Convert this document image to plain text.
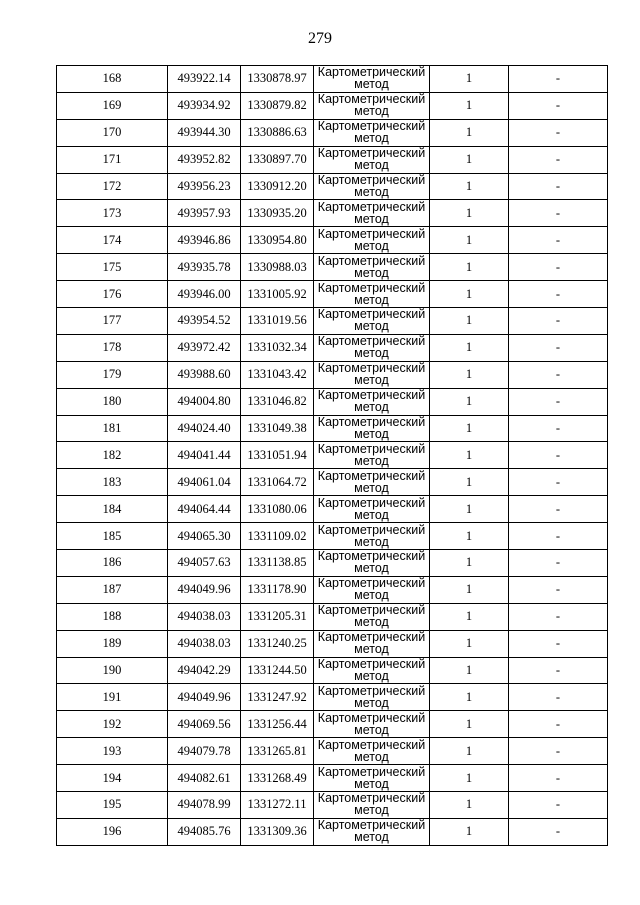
279
168	493922.14	1330878.97	Картометрический метод	1	-
169	493934.92	1330879.82	Картометрический метод	1	-
170	493944.30	1330886.63	Картометрический метод	1	-
171	493952.82	1330897.70	Картометрический метод	1	-
172	493956.23	1330912.20	Картометрический метод	1	-
173	493957.93	1330935.20	Картометрический метод	1	-
174	493946.86	1330954.80	Картометрический метод	1	-
175	493935.78	1330988.03	Картометрический метод	1	-
176	493946.00	1331005.92	Картометрический метод	1	-
177	493954.52	1331019.56	Картометрический метод	1	-
178	493972.42	1331032.34	Картометрический метод	1	-
179	493988.60	1331043.42	Картометрический метод	1	-
180	494004.80	1331046.82	Картометрический метод	1	-
181	494024.40	1331049.38	Картометрический метод	1	-
182	494041.44	1331051.94	Картометрический метод	1	-
183	494061.04	1331064.72	Картометрический метод	1	-
184	494064.44	1331080.06	Картометрический метод	1	-
185	494065.30	1331109.02	Картометрический метод	1	-
186	494057.63	1331138.85	Картометрический метод	1	-
187	494049.96	1331178.90	Картометрический метод	1	-
188	494038.03	1331205.31	Картометрический метод	1	-
189	494038.03	1331240.25	Картометрический метод	1	-
190	494042.29	1331244.50	Картометрический метод	1	-
191	494049.96	1331247.92	Картометрический метод	1	-
192	494069.56	1331256.44	Картометрический метод	1	-
193	494079.78	1331265.81	Картометрический метод	1	-
194	494082.61	1331268.49	Картометрический метод	1	-
195	494078.99	1331272.11	Картометрический метод	1	-
196	494085.76	1331309.36	Картометрический метод	1	-
